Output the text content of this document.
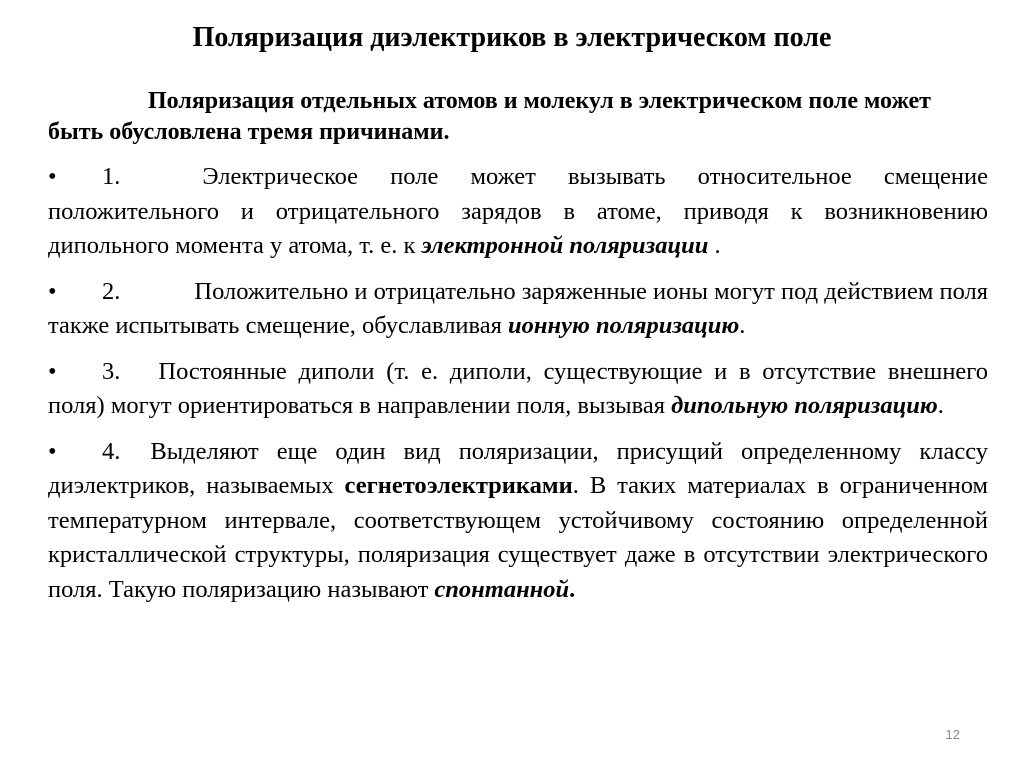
Поляризация диэлектриков в электрическом поле

Поляризация отдельных атомов и молекул в электрическом поле может быть обусловлена тремя причинами.

• 1.	Электрическое поле может вызывать относительное смещение положительного и отрицательного зарядов в атоме, приводя к возникновению дипольного момента у атома, т. е. к электронной поляризации .
• 2.	Положительно и отрицательно заряженные ионы могут под действием поля также испытывать смещение, обуславливая ионную поляризацию.
• 3. Постоянные диполи (т. е. диполи, существующие и в отсутствие внешнего поля) могут ориентироваться в направлении поля, вызывая дипольную поляризацию.
• 4. Выделяют еще один вид поляризации, присущий определенному классу диэлектриков, называемых сегнетоэлектриками. В таких материалах в ограниченном температурном интервале, соответствующем устойчивому состоянию определенной кристаллической структуры, поляризация существует даже в отсутствии электрического поля. Такую поляризацию называют спонтанной.
12
